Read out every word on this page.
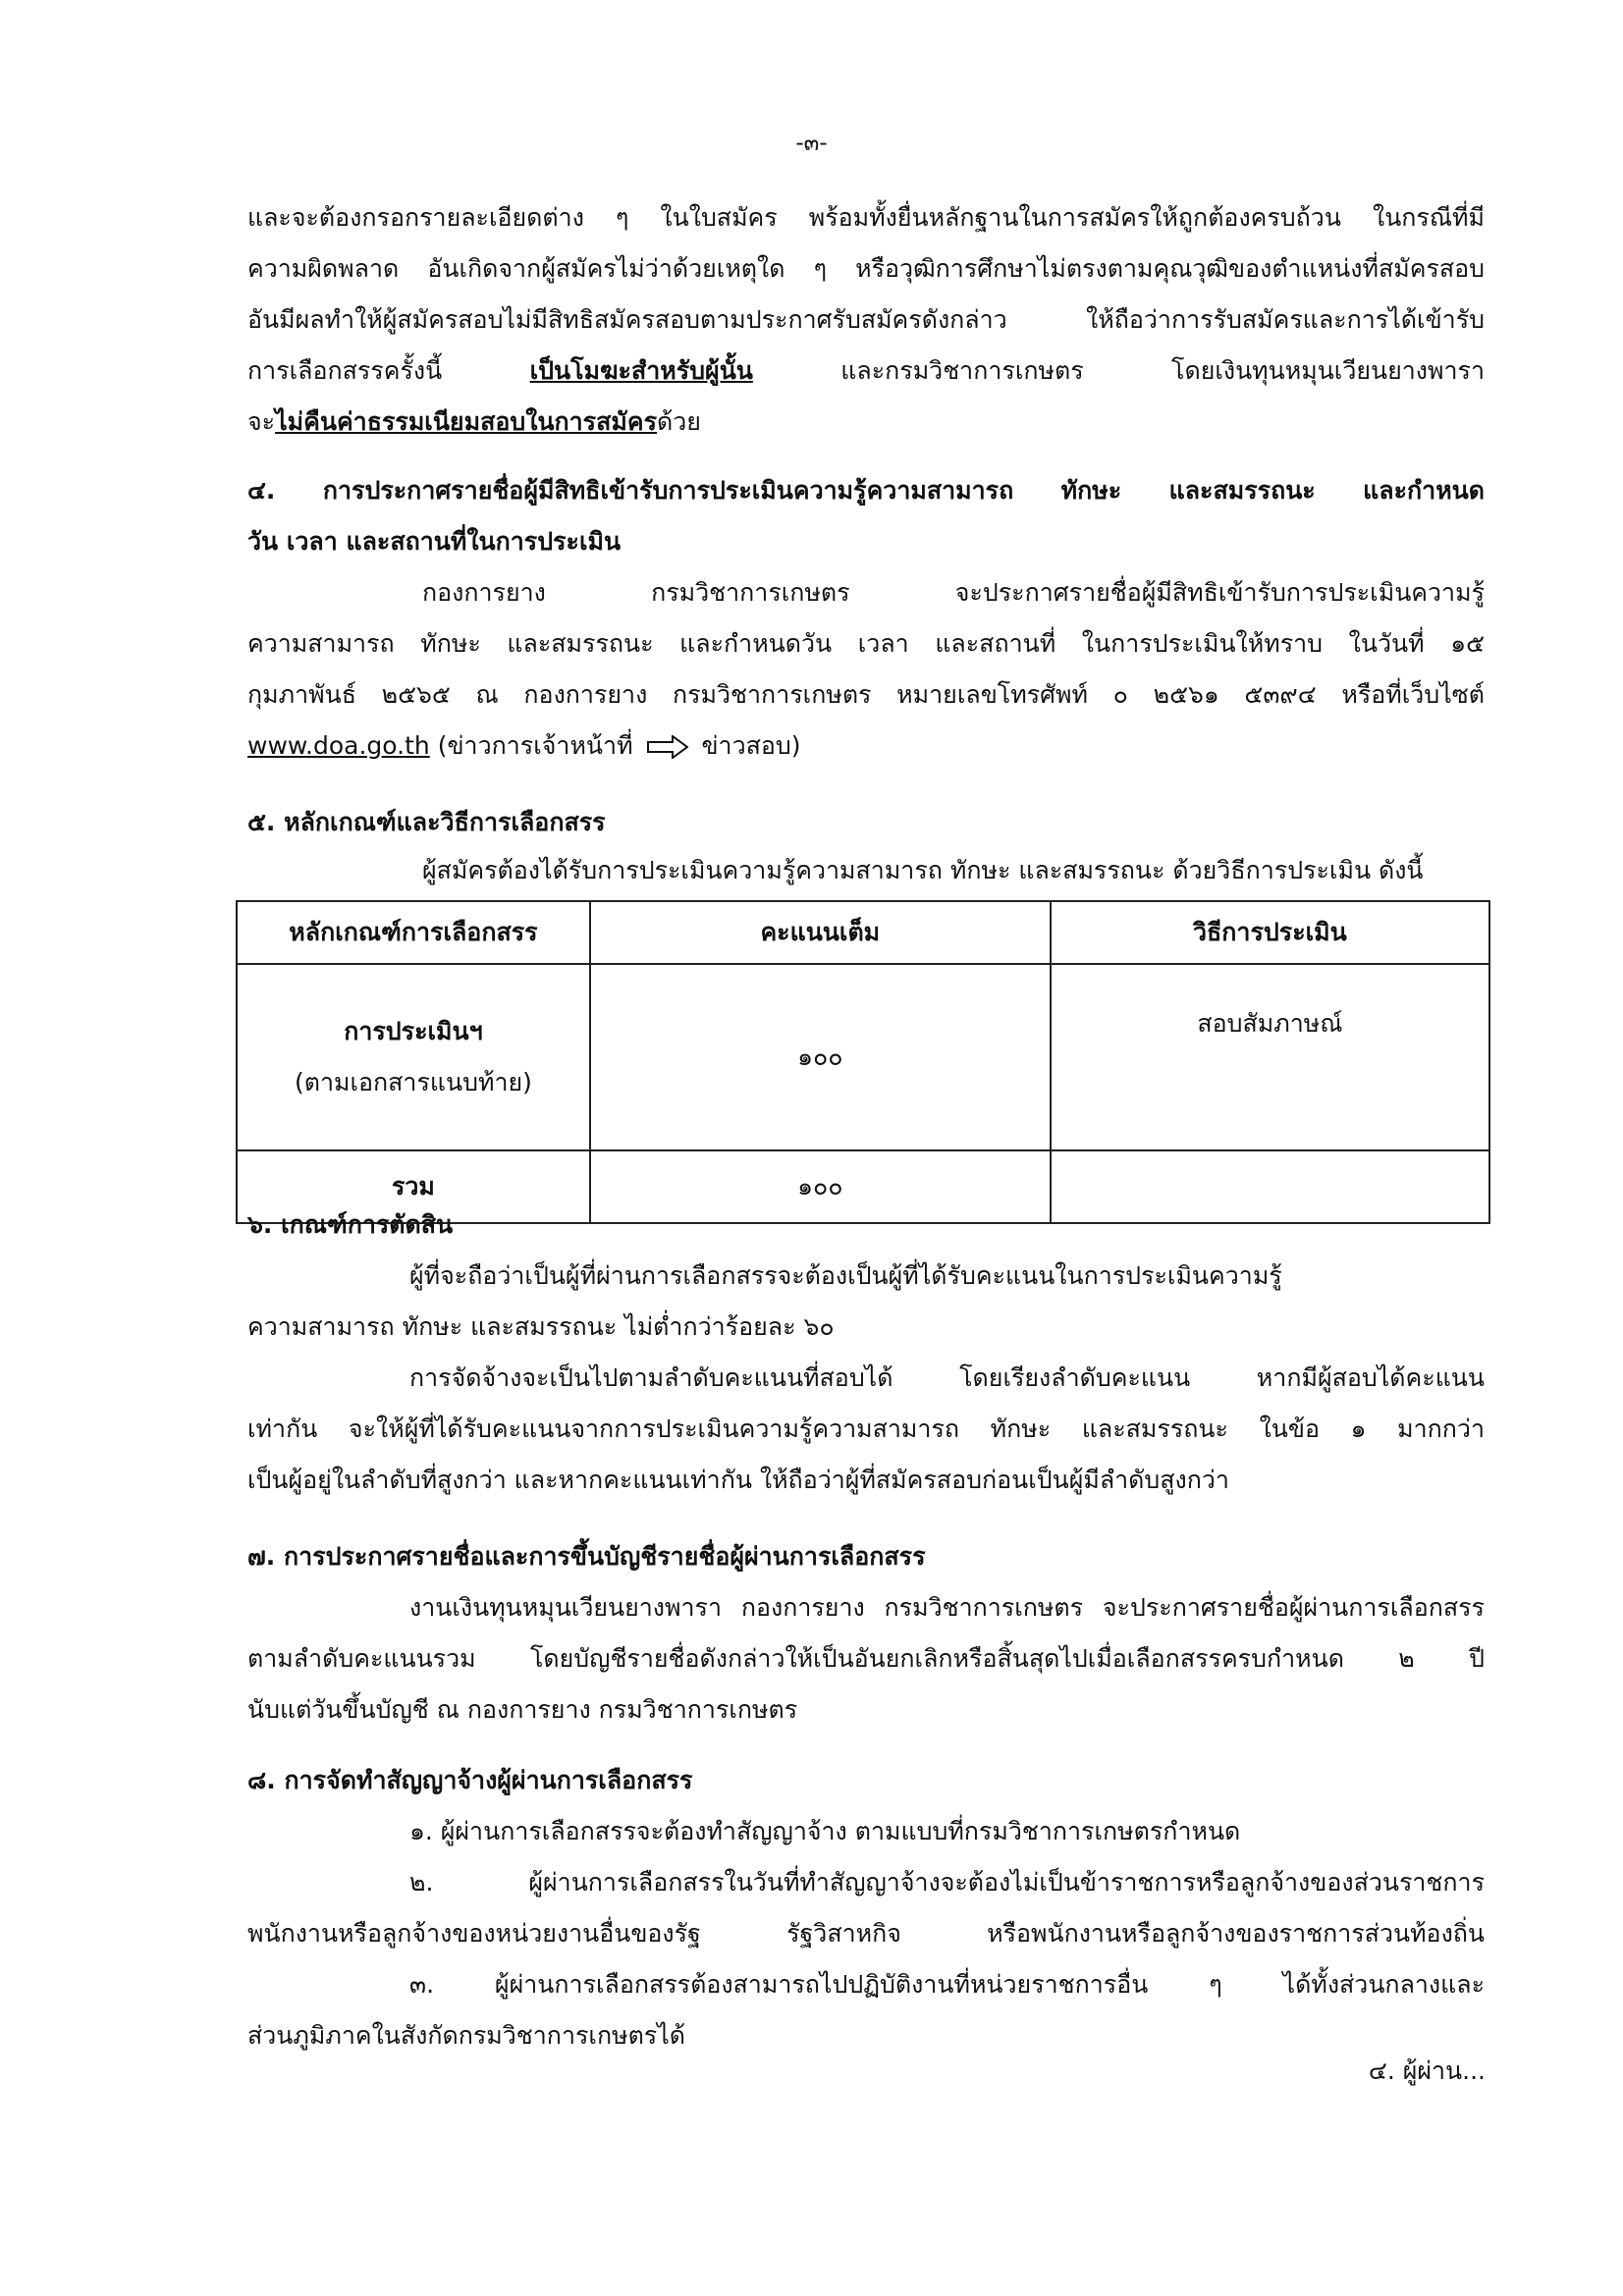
-๓-
และจะต้องกรอกรายละเอียดต่าง ๆ ในใบสมัคร พร้อมทั้งยื่นหลักฐานในการสมัครให้ถูกต้องครบถ้วน ในกรณีที่มี
ความผิดพลาด อันเกิดจากผู้สมัครไม่ว่าด้วยเหตุใด ๆ หรือวุฒิการศึกษาไม่ตรงตามคุณวุฒิของตำแหน่งที่สมัครสอบ
อันมีผลทำให้ผู้สมัครสอบไม่มีสิทธิสมัครสอบตามประกาศรับสมัครดังกล่าว ให้ถือว่าการรับสมัครและการได้เข้ารับ
การเลือกสรรครั้งนี้	เป็นโมฆะสำหรับผู้นั้น	และกรมวิชาการเกษตร โดยเงินทุนหมุนเวียนยางพารา
จะไม่คืนค่าธรรมเนียมสอบในการสมัครด้วย
๔. การประกาศรายชื่อผู้มีสิทธิเข้ารับการประเมินความรู้ความสามารถ ทักษะ และสมรรถนะ และกำหนด
วัน เวลา และสถานที่ในการประเมิน
กองการยาง กรมวิชาการเกษตร จะประกาศรายชื่อผู้มีสิทธิเข้ารับการประเมินความรู้
ความสามารถ ทักษะ และสมรรถนะ และกำหนดวัน เวลา และสถานที่ ในการประเมินให้ทราบ ในวันที่ ๑๕
กุมภาพันธ์ ๒๕๖๕ ณ กองการยาง กรมวิชาการเกษตร หมายเลขโทรศัพท์ ๐ ๒๕๖๑ ๕๓๙๔ หรือที่เว็บไซต์
www.doa.go.th (ข่าวการเจ้าหน้าที่	ข่าวสอบ)
๕. หลักเกณฑ์และวิธีการเลือกสรร
ผู้สมัครต้องได้รับการประเมินความรู้ความสามารถ ทักษะ และสมรรถนะ ด้วยวิธีการประเมิน ดังนี้
หลักเกณฑ์การเลือกสรร	คะแนนเต็ม	วิธีการประเมิน

การประเมินฯ
(ตามเอกสารแนบท้าย)	๑๐๐	สอบสัมภาษณ์
รวม	๑๐๐	
๖. เกณฑ์การตัดสิน
ผู้ที่จะถือว่าเป็นผู้ที่ผ่านการเลือกสรรจะต้องเป็นผู้ที่ได้รับคะแนนในการประเมินความรู้
ความสามารถ ทักษะ และสมรรถนะ ไม่ต่ำกว่าร้อยละ ๖๐
การจัดจ้างจะเป็นไปตามลำดับคะแนนที่สอบได้ โดยเรียงลำดับคะแนน หากมีผู้สอบได้คะแนน
เท่ากัน จะให้ผู้ที่ได้รับคะแนนจากการประเมินความรู้ความสามารถ ทักษะ และสมรรถนะ ในข้อ ๑ มากกว่า
เป็นผู้อยู่ในลำดับที่สูงกว่า และหากคะแนนเท่ากัน ให้ถือว่าผู้ที่สมัครสอบก่อนเป็นผู้มีลำดับสูงกว่า
๗. การประกาศรายชื่อและการขึ้นบัญชีรายชื่อผู้ผ่านการเลือกสรร
งานเงินทุนหมุนเวียนยางพารา กองการยาง กรมวิชาการเกษตร จะประกาศรายชื่อผู้ผ่านการเลือกสรร
ตามลำดับคะแนนรวม โดยบัญชีรายชื่อดังกล่าวให้เป็นอันยกเลิกหรือสิ้นสุดไปเมื่อเลือกสรรครบกำหนด ๒ ปี
นับแต่วันขึ้นบัญชี ณ กองการยาง กรมวิชาการเกษตร
๘. การจัดทำสัญญาจ้างผู้ผ่านการเลือกสรร
๑. ผู้ผ่านการเลือกสรรจะต้องทำสัญญาจ้าง ตามแบบที่กรมวิชาการเกษตรกำหนด
๒. ผู้ผ่านการเลือกสรรในวันที่ทำสัญญาจ้างจะต้องไม่เป็นข้าราชการหรือลูกจ้างของส่วนราชการ
พนักงานหรือลูกจ้างของหน่วยงานอื่นของรัฐ รัฐวิสาหกิจ หรือพนักงานหรือลูกจ้างของราชการส่วนท้องถิ่น
๓. ผู้ผ่านการเลือกสรรต้องสามารถไปปฏิบัติงานที่หน่วยราชการอื่น ๆ ได้ทั้งส่วนกลางและ
ส่วนภูมิภาคในสังกัดกรมวิชาการเกษตรได้
๔. ผู้ผ่าน...
